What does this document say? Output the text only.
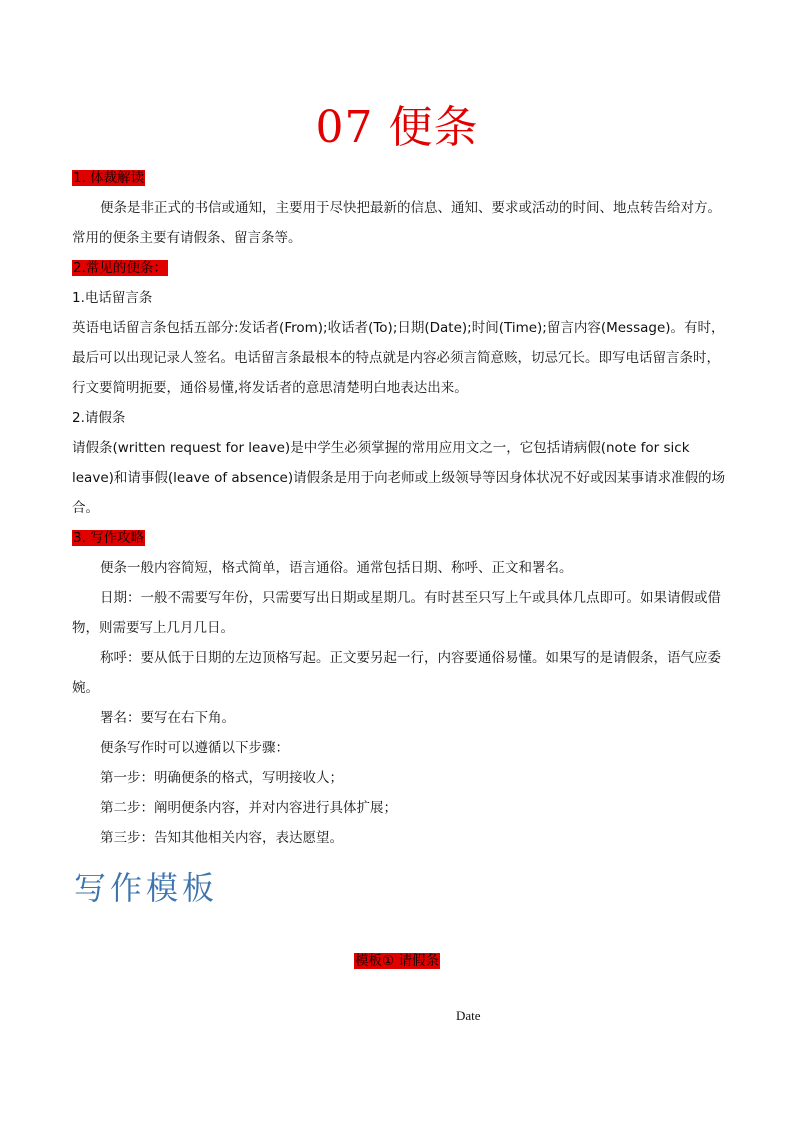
07 便条

1. 体裁解读

便条是非正式的书信或通知，主要用于尽快把最新的信息、通知、要求或活动的时间、地点转告给对方。常用的便条主要有请假条、留言条等。

2.常见的便条：

1.电话留言条

英语电话留言条包括五部分:发话者(From);收话者(To);日期(Date);时间(Time);留言内容(Message)。有时，最后可以出现记录人签名。电话留言条最根本的特点就是内容必须言简意赅，切忌冗长。即写电话留言条时，行文要简明扼要，通俗易懂,将发话者的意思清楚明白地表达出来。

2.请假条

请假条(written request for leave)是中学生必须掌握的常用应用文之一，它包括请病假(note for sick leave)和请事假(leave of absence)请假条是用于向老师或上级领导等因身体状况不好或因某事请求准假的场合。

3. 写作攻略

便条一般内容简短，格式简单，语言通俗。通常包括日期、称呼、正文和署名。

日期：一般不需要写年份，只需要写出日期或星期几。有时甚至只写上午或具体几点即可。如果请假或借物，则需要写上几月几日。

称呼：要从低于日期的左边顶格写起。正文要另起一行，内容要通俗易懂。如果写的是请假条，语气应委婉。

署名：要写在右下角。

便条写作时可以遵循以下步骤：

第一步：明确便条的格式，写明接收人；

第二步：阐明便条内容，并对内容进行具体扩展；

第三步：告知其他相关内容，表达愿望。

写作模板
模板① 请假条
Date
